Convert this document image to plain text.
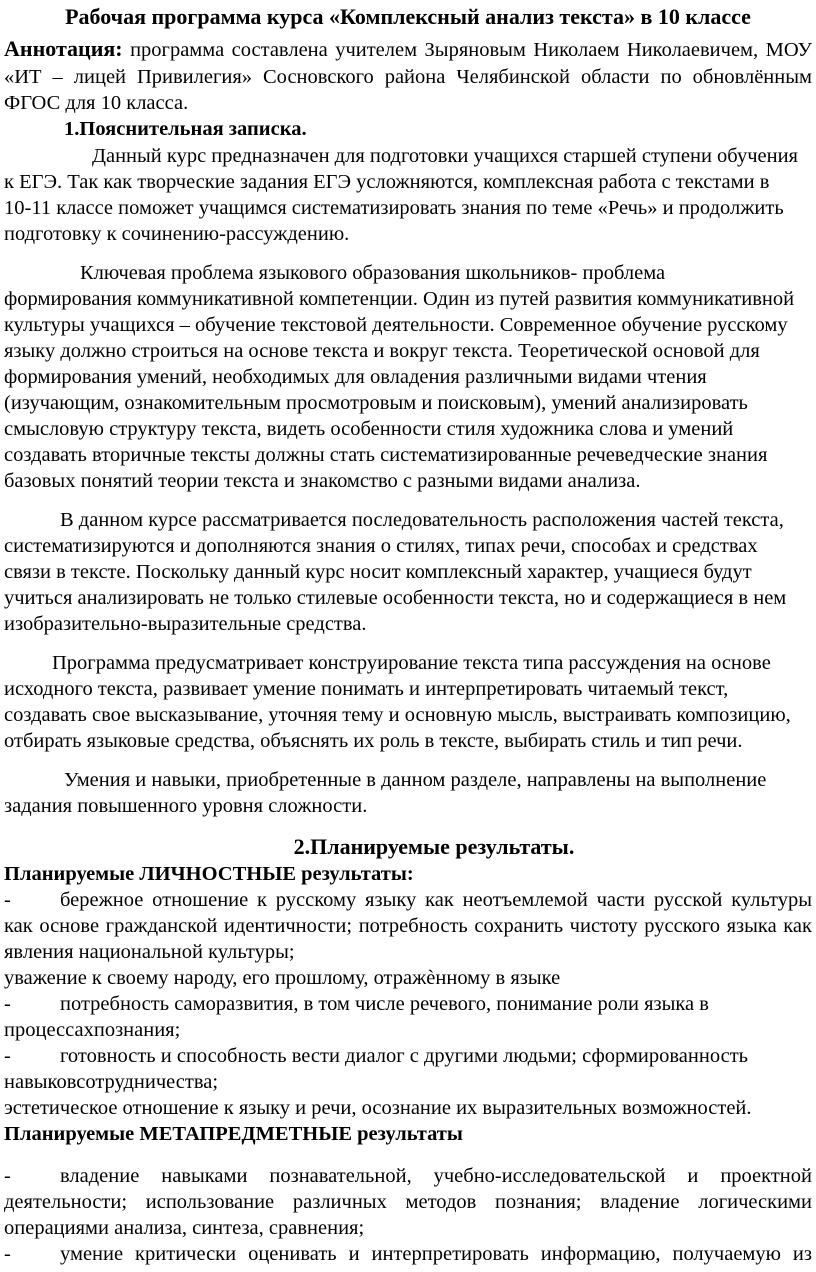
Рабочая программа курса «Комплексный анализ текста» в 10 классе
Аннотация: программа составлена учителем Зыряновым Николаем Николаевичем, МОУ
«ИТ – лицей Привилегия» Сосновского района Челябинской области по обновлённым
ФГОС для 10 класса.
1.Пояснительная записка.
Данный курс предназначен для подготовки учащихся старшей ступени обучения
к ЕГЭ. Так как творческие задания ЕГЭ усложняются, комплексная работа с текстами в
10-11 классе поможет учащимся систематизировать знания по теме «Речь» и продолжить
подготовку к сочинению-рассуждению.
Ключевая проблема языкового образования школьников- проблема
формирования коммуникативной компетенции. Один из путей развития коммуникативной
культуры учащихся – обучение текстовой деятельности. Современное обучение русскому
языку должно строиться на основе текста и вокруг текста. Теоретической основой для
формирования умений, необходимых для овладения различными видами чтения
(изучающим, ознакомительным просмотровым и поисковым), умений анализировать
смысловую структуру текста, видеть особенности стиля художника слова и умений
создавать вторичные тексты должны стать систематизированные речеведческие знания
базовых понятий теории текста и знакомство с разными видами анализа.
В данном курсе рассматривается последовательность расположения частей текста,
систематизируются и дополняются знания о стилях, типах речи, способах и средствах
связи в тексте. Поскольку данный курс носит комплексный характер, учащиеся будут
учиться анализировать не только стилевые особенности текста, но и содержащиеся в нем
изобразительно-выразительные средства.
Программа предусматривает конструирование текста типа рассуждения на основе
исходного текста, развивает умение понимать и интерпретировать читаемый текст,
создавать свое высказывание, уточняя тему и основную мысль, выстраивать композицию,
отбирать языковые средства, объяснять их роль в тексте, выбирать стиль и тип речи.
Умения и навыки, приобретенные в данном разделе, направлены на выполнение
задания повышенного уровня сложности.
2.Планируемые результаты.
Планируемые ЛИЧНОСТНЫЕ результаты:
- бережное отношение к русскому языку как неотъемлемой части русской культуры
как основе гражданской идентичности; потребность сохранить чистоту русского языка как
явления национальной культуры;
уважение к своему народу, его прошлому, отражѐнному в языке
- потребность саморазвития, в том числе речевого, понимание роли языка в
процессахпознания;
- готовность и способность вести диалог с другими людьми; сформированность
навыковсотрудничества;
эстетическое отношение к языку и речи, осознание их выразительных возможностей.
Планируемые МЕТАПРЕДМЕТНЫЕ результаты
- владение навыками познавательной, учебно-исследовательской и проектной
деятельности; использование различных методов познания; владение логическими
операциями анализа, синтеза, сравнения;
- умение критически оценивать и интерпретировать информацию, получаемую из
